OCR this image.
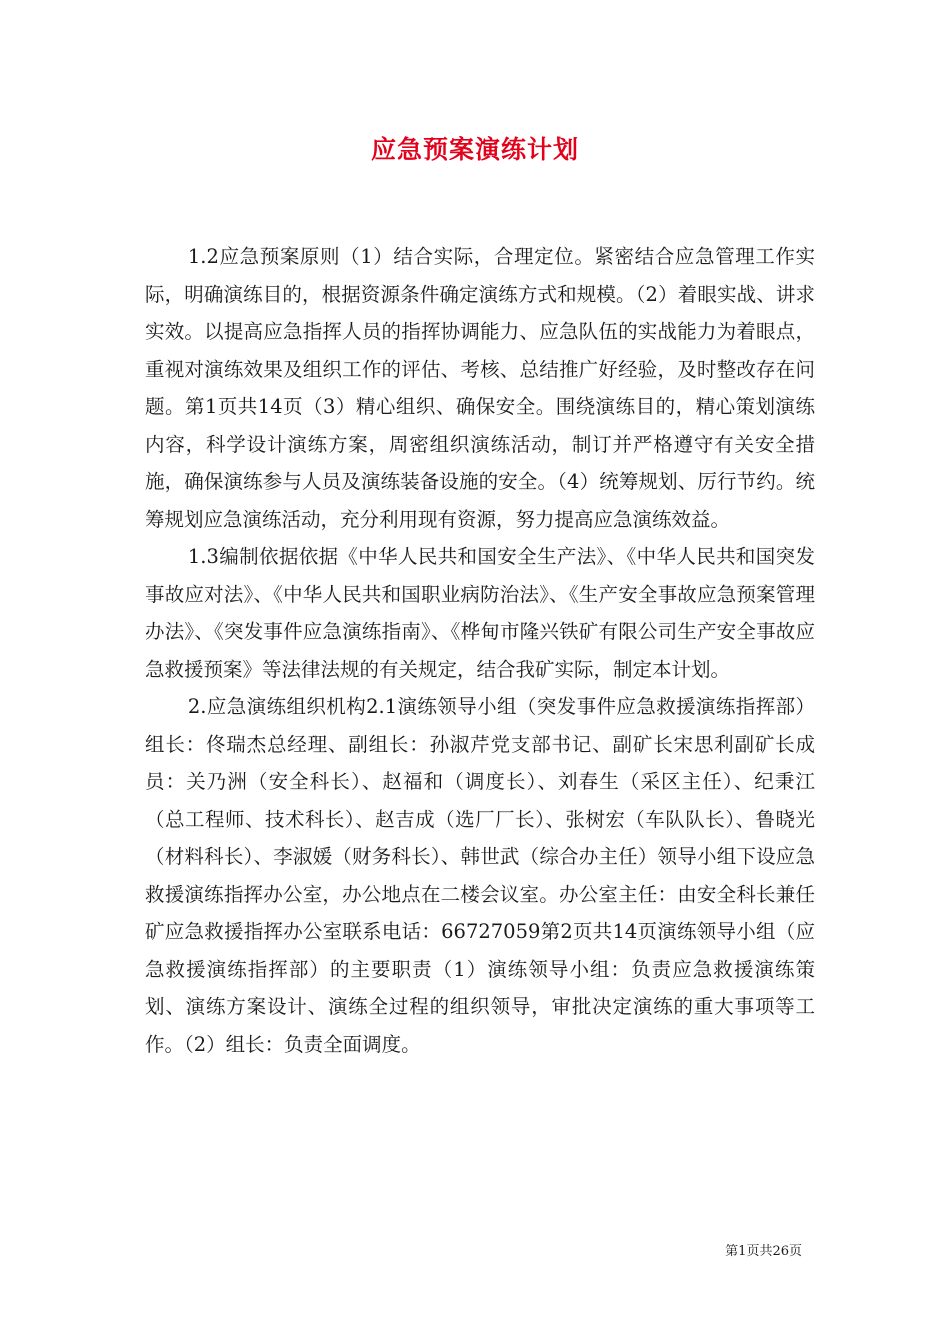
应急预案演练计划

1.2应急预案原则（1）结合实际，合理定位。紧密结合应急管理工作实际，明确演练目的，根据资源条件确定演练方式和规模。（2）着眼实战、讲求实效。以提高应急指挥人员的指挥协调能力、应急队伍的实战能力为着眼点，重视对演练效果及组织工作的评估、考核、总结推广好经验，及时整改存在问题。第1页共14页（3）精心组织、确保安全。围绕演练目的，精心策划演练内容，科学设计演练方案，周密组织演练活动，制订并严格遵守有关安全措施，确保演练参与人员及演练装备设施的安全。（4）统筹规划、厉行节约。统筹规划应急演练活动，充分利用现有资源，努力提高应急演练效益。

1.3编制依据依据《中华人民共和国安全生产法》、《中华人民共和国突发事故应对法》、《中华人民共和国职业病防治法》、《生产安全事故应急预案管理办法》、《突发事件应急演练指南》、《桦甸市隆兴铁矿有限公司生产安全事故应急救援预案》等法律法规的有关规定，结合我矿实际，制定本计划。

2.应急演练组织机构2.1演练领导小组（突发事件应急救援演练指挥部）组长：佟瑞杰总经理、副组长：孙淑芹党支部书记、副矿长宋思利副矿长成员：关乃洲（安全科长）、赵福和（调度长）、刘春生（采区主任）、纪秉江（总工程师、技术科长）、赵吉成（选厂厂长）、张树宏（车队队长）、鲁晓光（材料科长）、李淑媛（财务科长）、韩世武（综合办主任）领导小组下设应急救援演练指挥办公室，办公地点在二楼会议室。办公室主任：由安全科长兼任矿应急救援指挥办公室联系电话：66727059第2页共14页演练领导小组（应急救援演练指挥部）的主要职责（1）演练领导小组：负责应急救援演练策划、演练方案设计、演练全过程的组织领导，审批决定演练的重大事项等工作。（2）组长：负责全面调度。

第1页共26页
